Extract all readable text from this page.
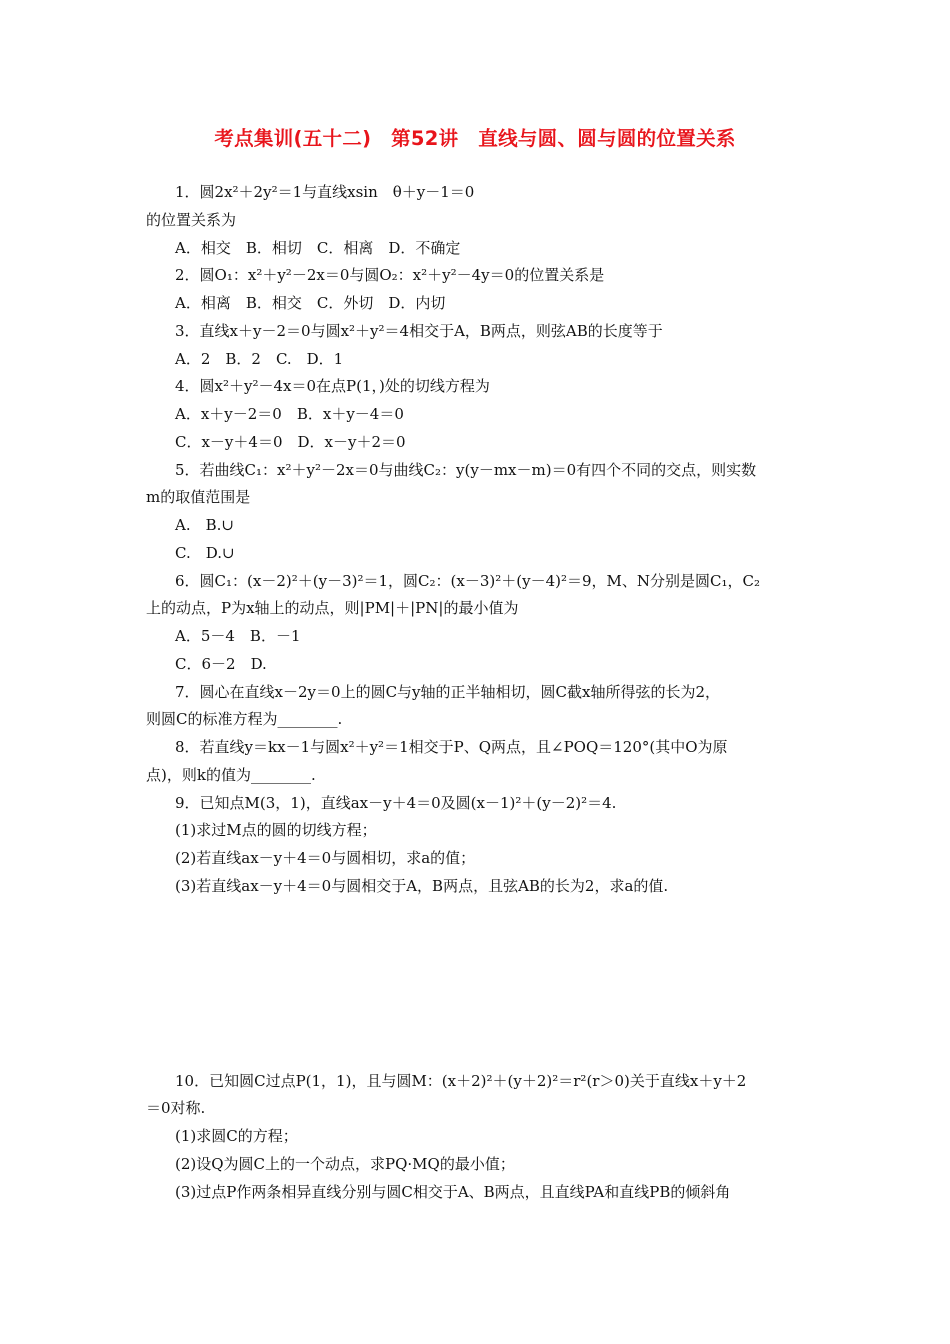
考点集训(五十二)　第52讲　直线与圆、圆与圆的位置关系
1．圆2x²＋2y²＝1与直线xsin　θ＋y－1＝0
的位置关系为
A．相交　B．相切　C．相离　D．不确定
2．圆O₁：x²＋y²－2x＝0与圆O₂：x²＋y²－4y＝0的位置关系是
A．相离　B．相交　C．外切　D．内切
3．直线x＋y－2＝0与圆x²＋y²＝4相交于A，B两点，则弦AB的长度等于
A．2　B．2　C.　D．1
4．圆x²＋y²－4x＝0在点P(1，)处的切线方程为
A．x＋y－2＝0　B．x＋y－4＝0
C．x－y＋4＝0　D．x－y＋2＝0
5．若曲线C₁：x²＋y²－2x＝0与曲线C₂：y(y－mx－m)＝0有四个不同的交点，则实数
m的取值范围是
A.　B.∪
C.　D.∪
6．圆C₁：(x－2)²＋(y－3)²＝1，圆C₂：(x－3)²＋(y－4)²＝9，M、N分别是圆C₁，C₂
上的动点，P为x轴上的动点，则|PM|＋|PN|的最小值为
A．5－4　B．－1
C．6－2　D.
7．圆心在直线x－2y＝0上的圆C与y轴的正半轴相切，圆C截x轴所得弦的长为2，
则圆C的标准方程为________.
8．若直线y＝kx－1与圆x²＋y²＝1相交于P、Q两点，且∠POQ＝120°(其中O为原
点)，则k的值为________.
9．已知点M(3，1)，直线ax－y＋4＝0及圆(x－1)²＋(y－2)²＝4.
(1)求过M点的圆的切线方程；
(2)若直线ax－y＋4＝0与圆相切，求a的值；
(3)若直线ax－y＋4＝0与圆相交于A，B两点，且弦AB的长为2，求a的值.
10．已知圆C过点P(1，1)，且与圆M：(x＋2)²＋(y＋2)²＝r²(r＞0)关于直线x＋y＋2
＝0对称.
(1)求圆C的方程；
(2)设Q为圆C上的一个动点，求PQ·MQ的最小值；
(3)过点P作两条相异直线分别与圆C相交于A、B两点，且直线PA和直线PB的倾斜角
